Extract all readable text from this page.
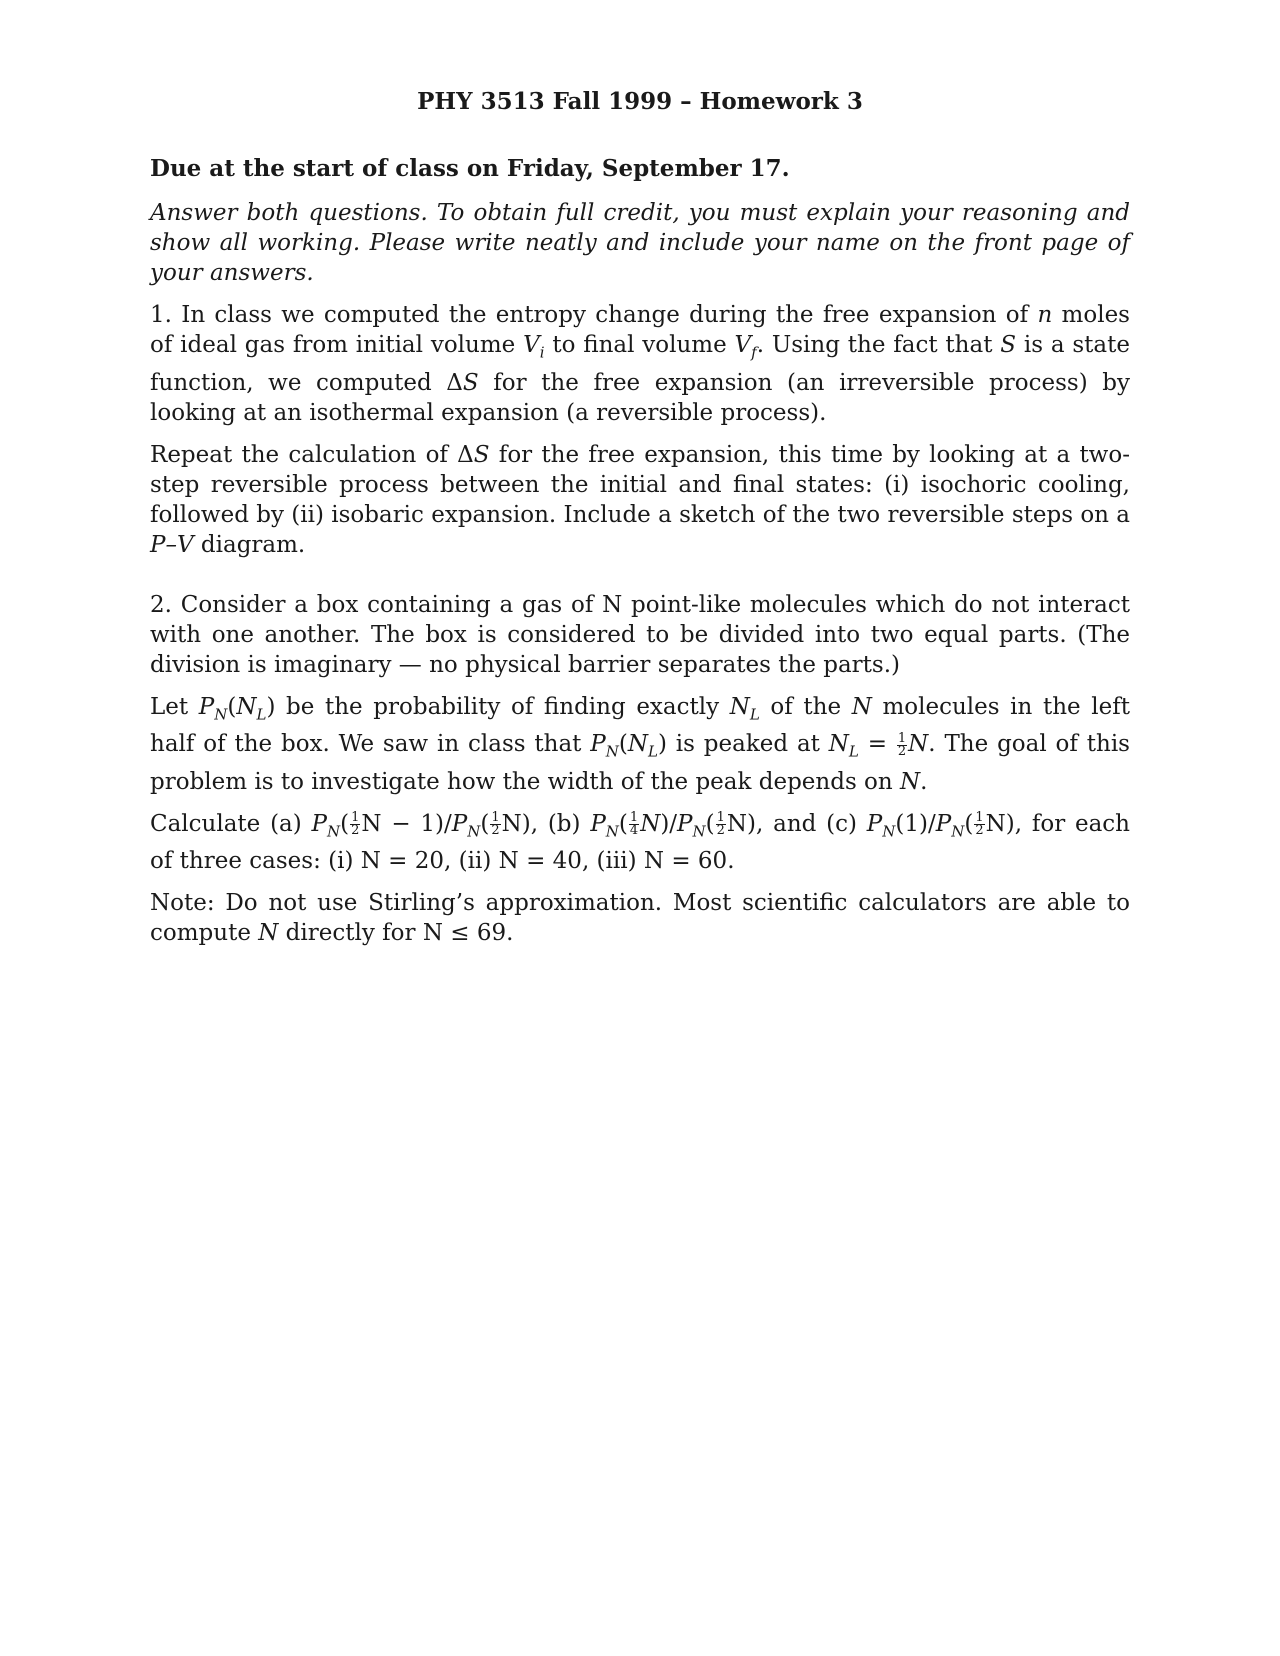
PHY 3513 Fall 1999 – Homework 3
Due at the start of class on Friday, September 17.

Answer both questions. To obtain full credit, you must explain your reasoning and show all working. Please write neatly and include your name on the front page of your answers.

1. In class we computed the entropy change during the free expansion of n moles of ideal gas from initial volume $V_i$ to final volume $V_f$. Using the fact that S is a state function, we computed ΔS for the free expansion (an irreversible process) by looking at an isothermal expansion (a reversible process).

Repeat the calculation of ΔS for the free expansion, this time by looking at a two-step reversible process between the initial and final states: (i) isochoric cooling, followed by (ii) isobaric expansion. Include a sketch of the two reversible steps on a P–V diagram.

2. Consider a box containing a gas of N point-like molecules which do not interact with one another. The box is considered to be divided into two equal parts. (The division is imaginary — no physical barrier separates the parts.)

Let $P_N(N_L)$ be the probability of finding exactly $N_L$ of the N molecules in the left half of the box. We saw in class that $P_N(N_L)$ is peaked at $N_L = \frac{1}{2} N$. The goal of this problem is to investigate how the width of the peak depends on N.

Calculate (a) $P_N( \frac{1}{2}$ $N - 1)/P_N( \frac{1}{2} N)$, (b) $P_N( \frac{1}{4} N)/P_N( \frac{1}{2} N)$, and (c) $P_N(1)/P_N( \frac{1}{2} N)$, for each of three cases: (i) N = 20, (ii) N = 40, (iii) N = 60.

Note: Do not use Stirling’s approximation. Most scientific calculators are able to compute N directly for N ≤ 69.
